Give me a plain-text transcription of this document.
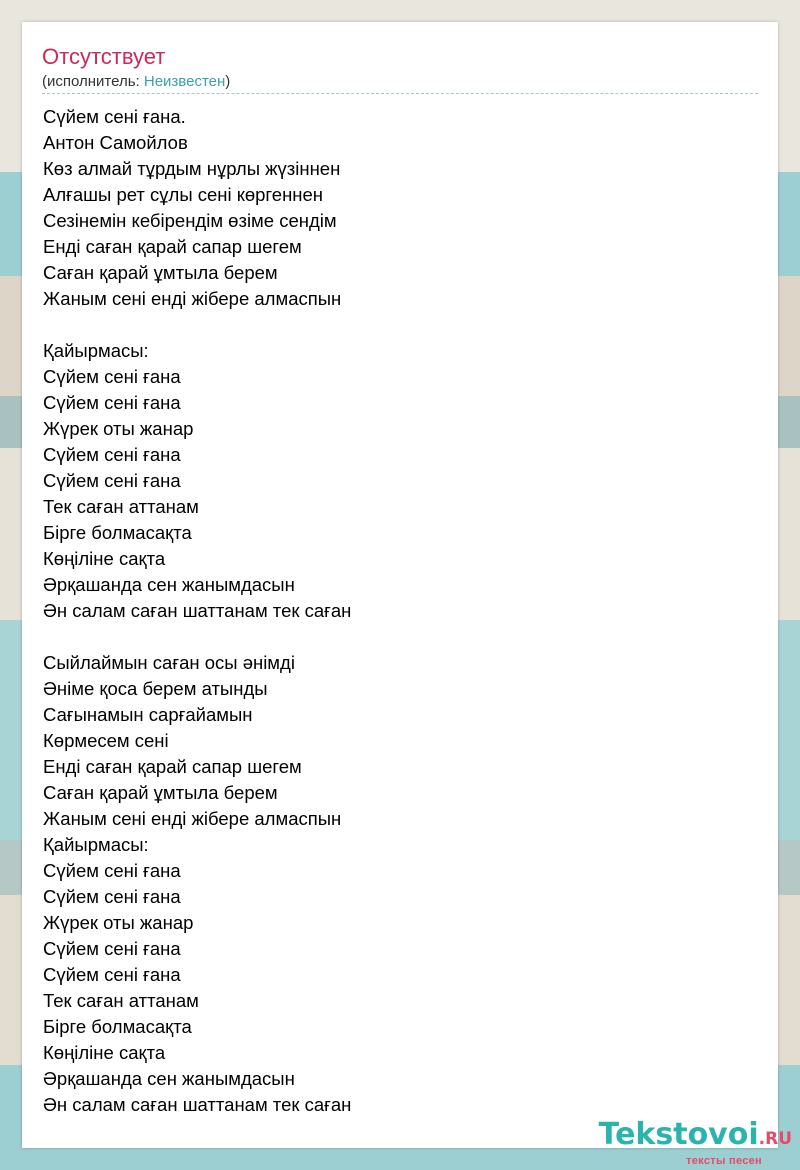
Отсутствует
(исполнитель: Неизвестен)
Сүйем сені ғана.
Антон Самойлов
Көз алмай тұрдым нұрлы жүзіннен
Алғашы рет сұлы сені көргеннен
Сезінемін кебірендім өзіме сендім
Енді саған қарай сапар шегем
Саған қарай ұмтыла берем
Жаным сені енді жібере алмаспын
Қайырмасы:
Сүйем сені ғана
Сүйем сені ғана
Жүрек оты жанар
Сүйем сені ғана
Сүйем сені ғана
Тек саған аттанам
Бірге болмасақта
Көңіліне сақта
Әрқашанда сен жанымдасын
Ән салам саған шаттанам тек саған
Сыйлаймын саған осы әнімді
Әніме қоса берем атынды
Сағынамын сарғайамын
Көрмесем сені
Енді саған қарай сапар шегем
Саған қарай ұмтыла берем
Жаным сені енді жібере алмаспын
Қайырмасы:
Сүйем сені ғана
Сүйем сені ғана
Жүрек оты жанар
Сүйем сені ғана
Сүйем сені ғана
Тек саған аттанам
Бірге болмасақта
Көңіліне сақта
Әрқашанда сен жанымдасын
Ән салам саған шаттанам тек саған
Tekstovoi.RU
тексты песен
